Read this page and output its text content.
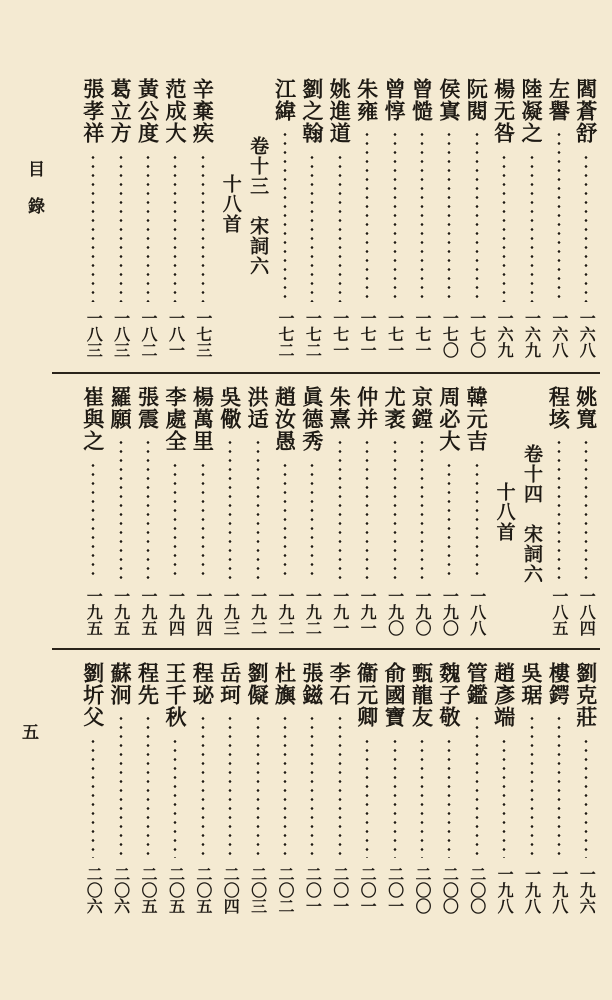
目錄
五
閻蒼舒
一六八
左譽
一六八
陸凝之
一六九
楊无咎
一六九
阮閱
一七〇
侯寘
一七〇
曾慥
一七一
曾惇
一七一
朱雍
一七一
姚進道
一七一
劉之翰
一七二
江緯
一七二
卷十三　宋詞六
十八首
辛棄疾
一七三
范成大
一八一
黃公度
一八二
葛立方
一八三
張孝祥
一八三
姚寬
一八四
程垓
一八五
卷十四　宋詞六
十八首
韓元吉
一八八
周必大
一九〇
京鏜
一九〇
尤袤
一九〇
仲并
一九一
朱熹
一九一
眞德秀
一九二
趙汝愚
一九二
洪适
一九二
吳儆
一九三
楊萬里
一九四
李處全
一九四
張震
一九五
羅願
一九五
崔與之
一九五
劉克莊
一九六
樓鍔
一九八
吳琚
一九八
趙彥端
一九八
管鑑
二〇〇
魏子敬
二〇〇
甄龍友
二〇〇
俞國寶
二〇一
衞元卿
二〇一
李石
二〇一
張鎡
二〇一
杜旟
二〇二
劉儗
二〇三
岳珂
二〇四
程珌
二〇五
王千秋
二〇五
程先
二〇五
蘇泂
二〇六
劉圻父
二〇六
